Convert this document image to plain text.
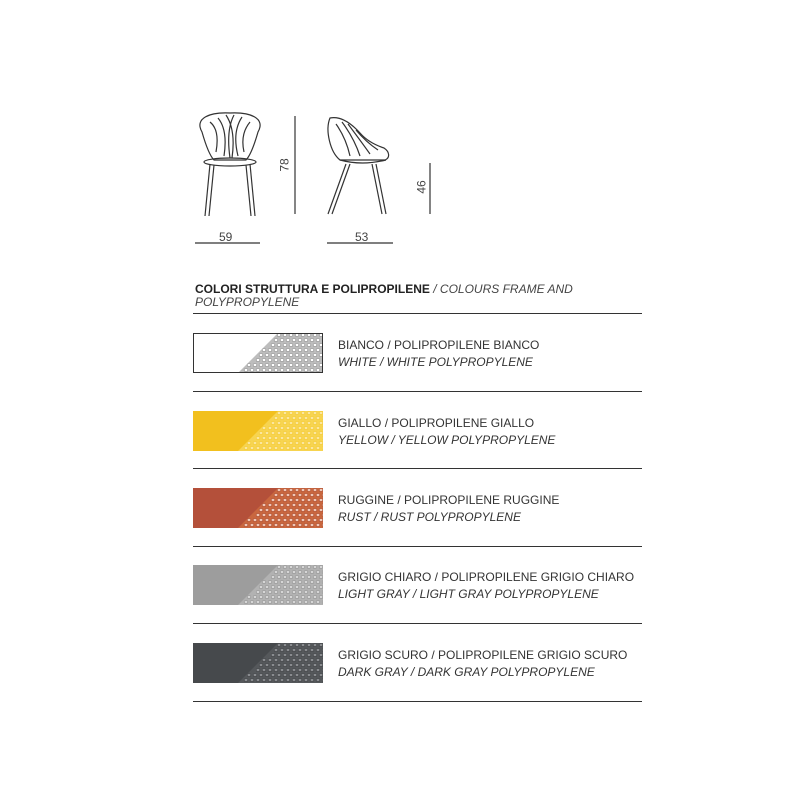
59
78
53
46
COLORI STRUTTURA E POLIPROPILENE / COLOURS FRAME AND POLYPROPYLENE
BIANCO / POLIPROPILENE BIANCO
WHITE / WHITE POLYPROPYLENE
GIALLO / POLIPROPILENE GIALLO
YELLOW / YELLOW POLYPROPYLENE
RUGGINE / POLIPROPILENE RUGGINE
RUST / RUST POLYPROPYLENE
GRIGIO CHIARO / POLIPROPILENE GRIGIO CHIARO
LIGHT GRAY / LIGHT GRAY POLYPROPYLENE
GRIGIO SCURO / POLIPROPILENE GRIGIO SCURO
DARK GRAY / DARK GRAY POLYPROPYLENE
